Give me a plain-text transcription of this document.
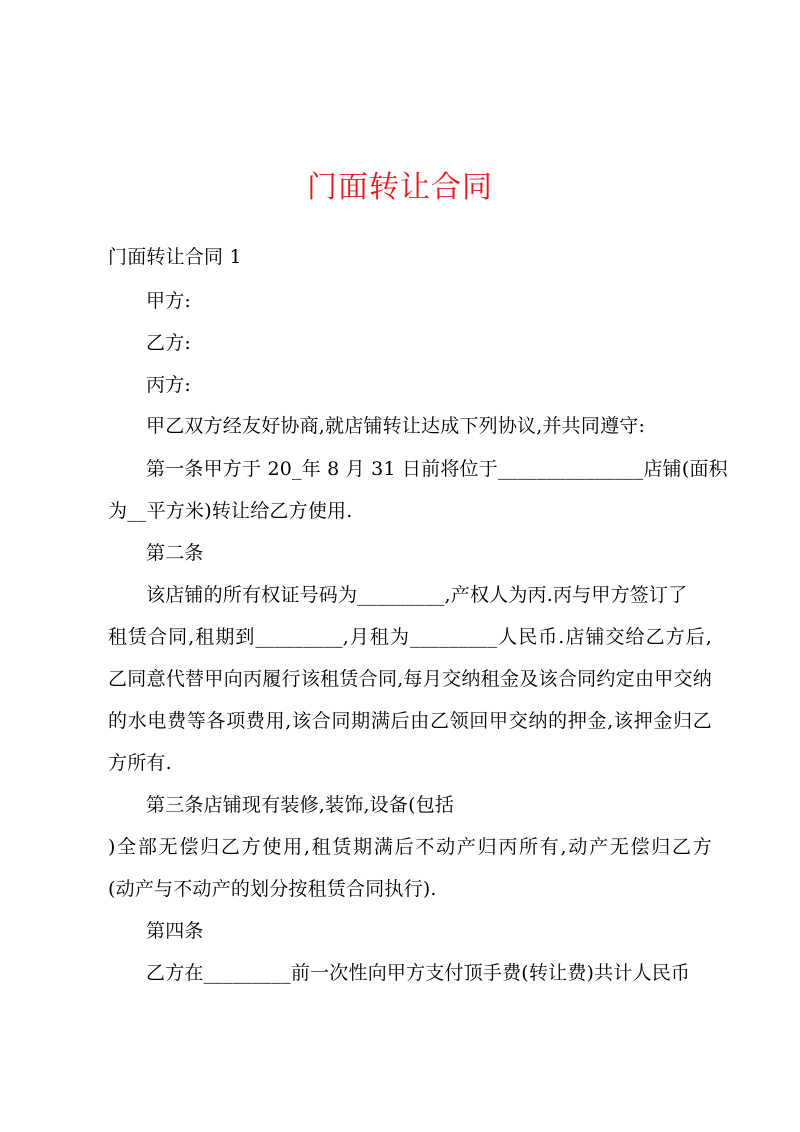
门面转让合同
门面转让合同 1
甲方:
乙方:
丙方:
甲乙双方经友好协商,就店铺转让达成下列协议,并共同遵守:
第一条甲方于 20_年 8 月 31 日前将位于_______________店铺(面积
为__平方米)转让给乙方使用.
第二条
该店铺的所有权证号码为_________,产权人为丙.丙与甲方签订了
租赁合同,租期到_________,月租为_________人民币.店铺交给乙方后,
乙同意代替甲向丙履行该租赁合同,每月交纳租金及该合同约定由甲交纳
的水电费等各项费用,该合同期满后由乙领回甲交纳的押金,该押金归乙
方所有.
第三条店铺现有装修,装饰,设备(包括
)全部无偿归乙方使用,租赁期满后不动产归丙所有,动产无偿归乙方
(动产与不动产的划分按租赁合同执行).
第四条
乙方在_________前一次性向甲方支付顶手费(转让费)共计人民币
